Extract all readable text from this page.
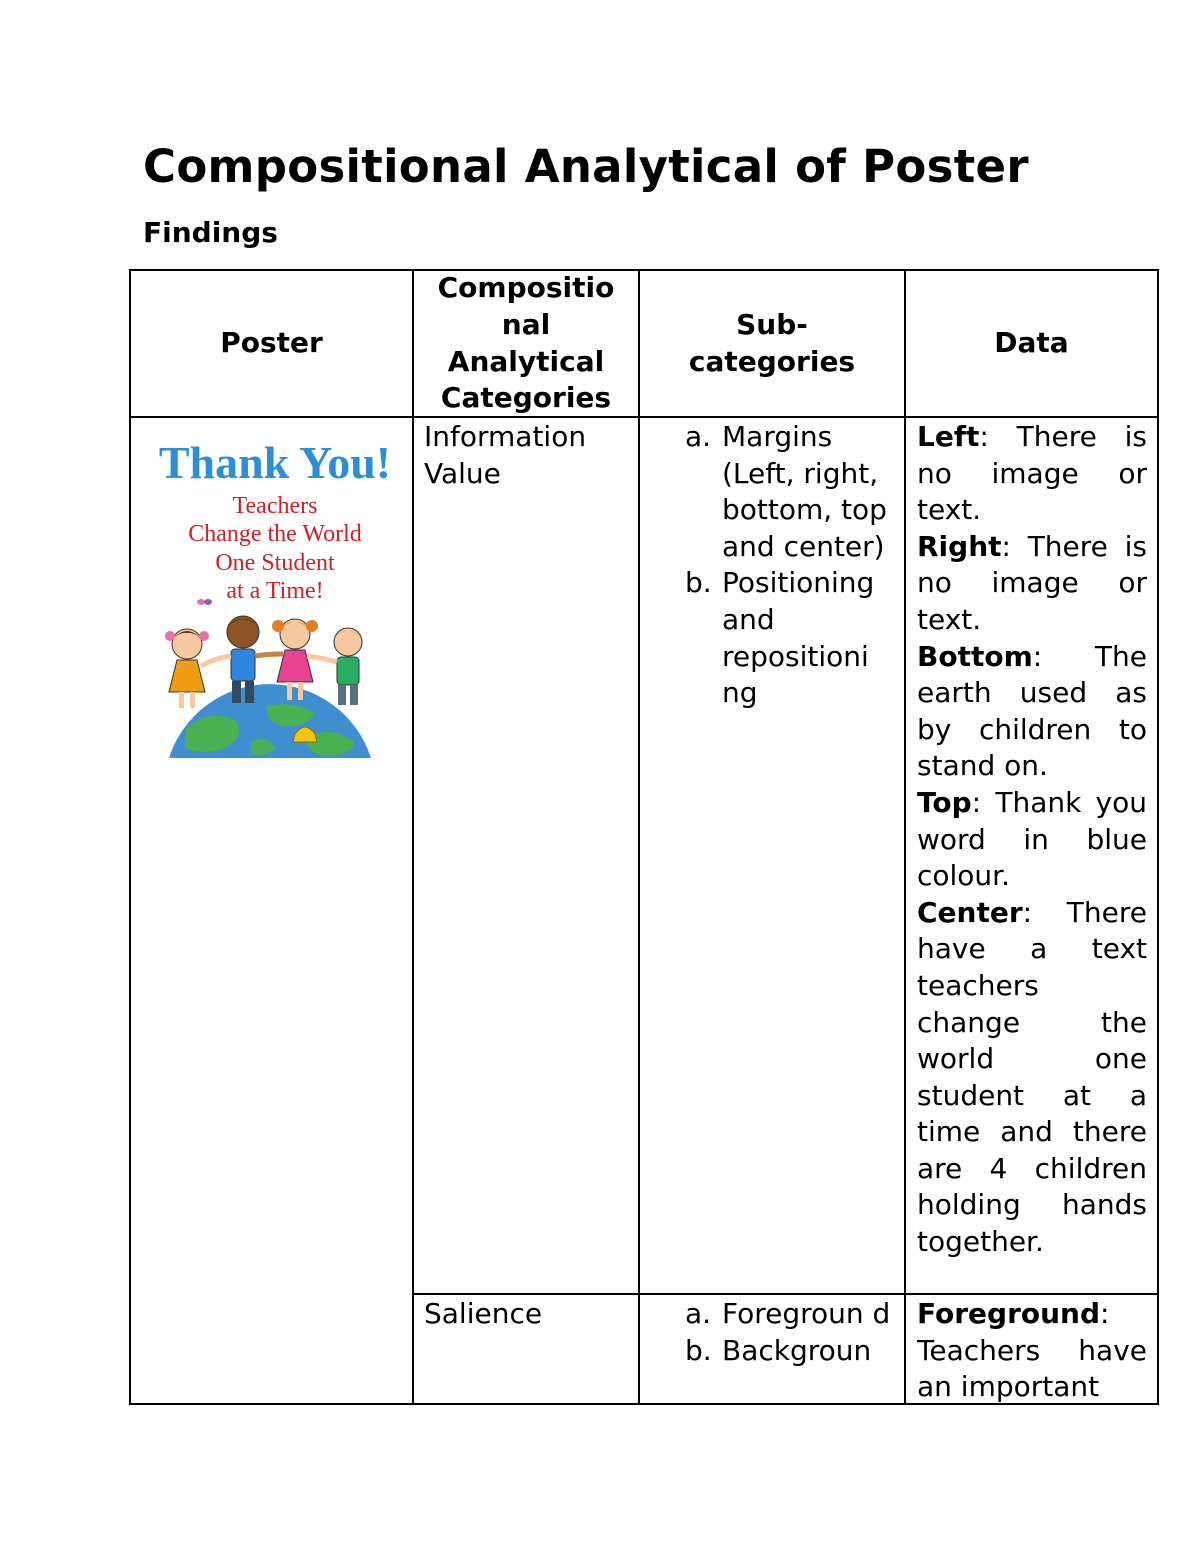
Compositional Analytical of Poster
Findings
Poster
Compositio nal Analytical Categories
Sub- categories
Data
Information Value
a. Margins (Left, right, bottom, top and center)
b. Positioning and repositioni ng

Left: There is no image or text.

Right: There is no image or text.

Bottom: The earth used as by children to stand on.

Top: Thank you word in blue colour.

Center: There have a text teachers change the world one student at a time and there are 4 children holding hands together.

Salience	a. Foregroun d
b. Backgroun

Foreground: Teachers have an important

Thank You!
Teachers
Change the World
One Student
at a Time!
